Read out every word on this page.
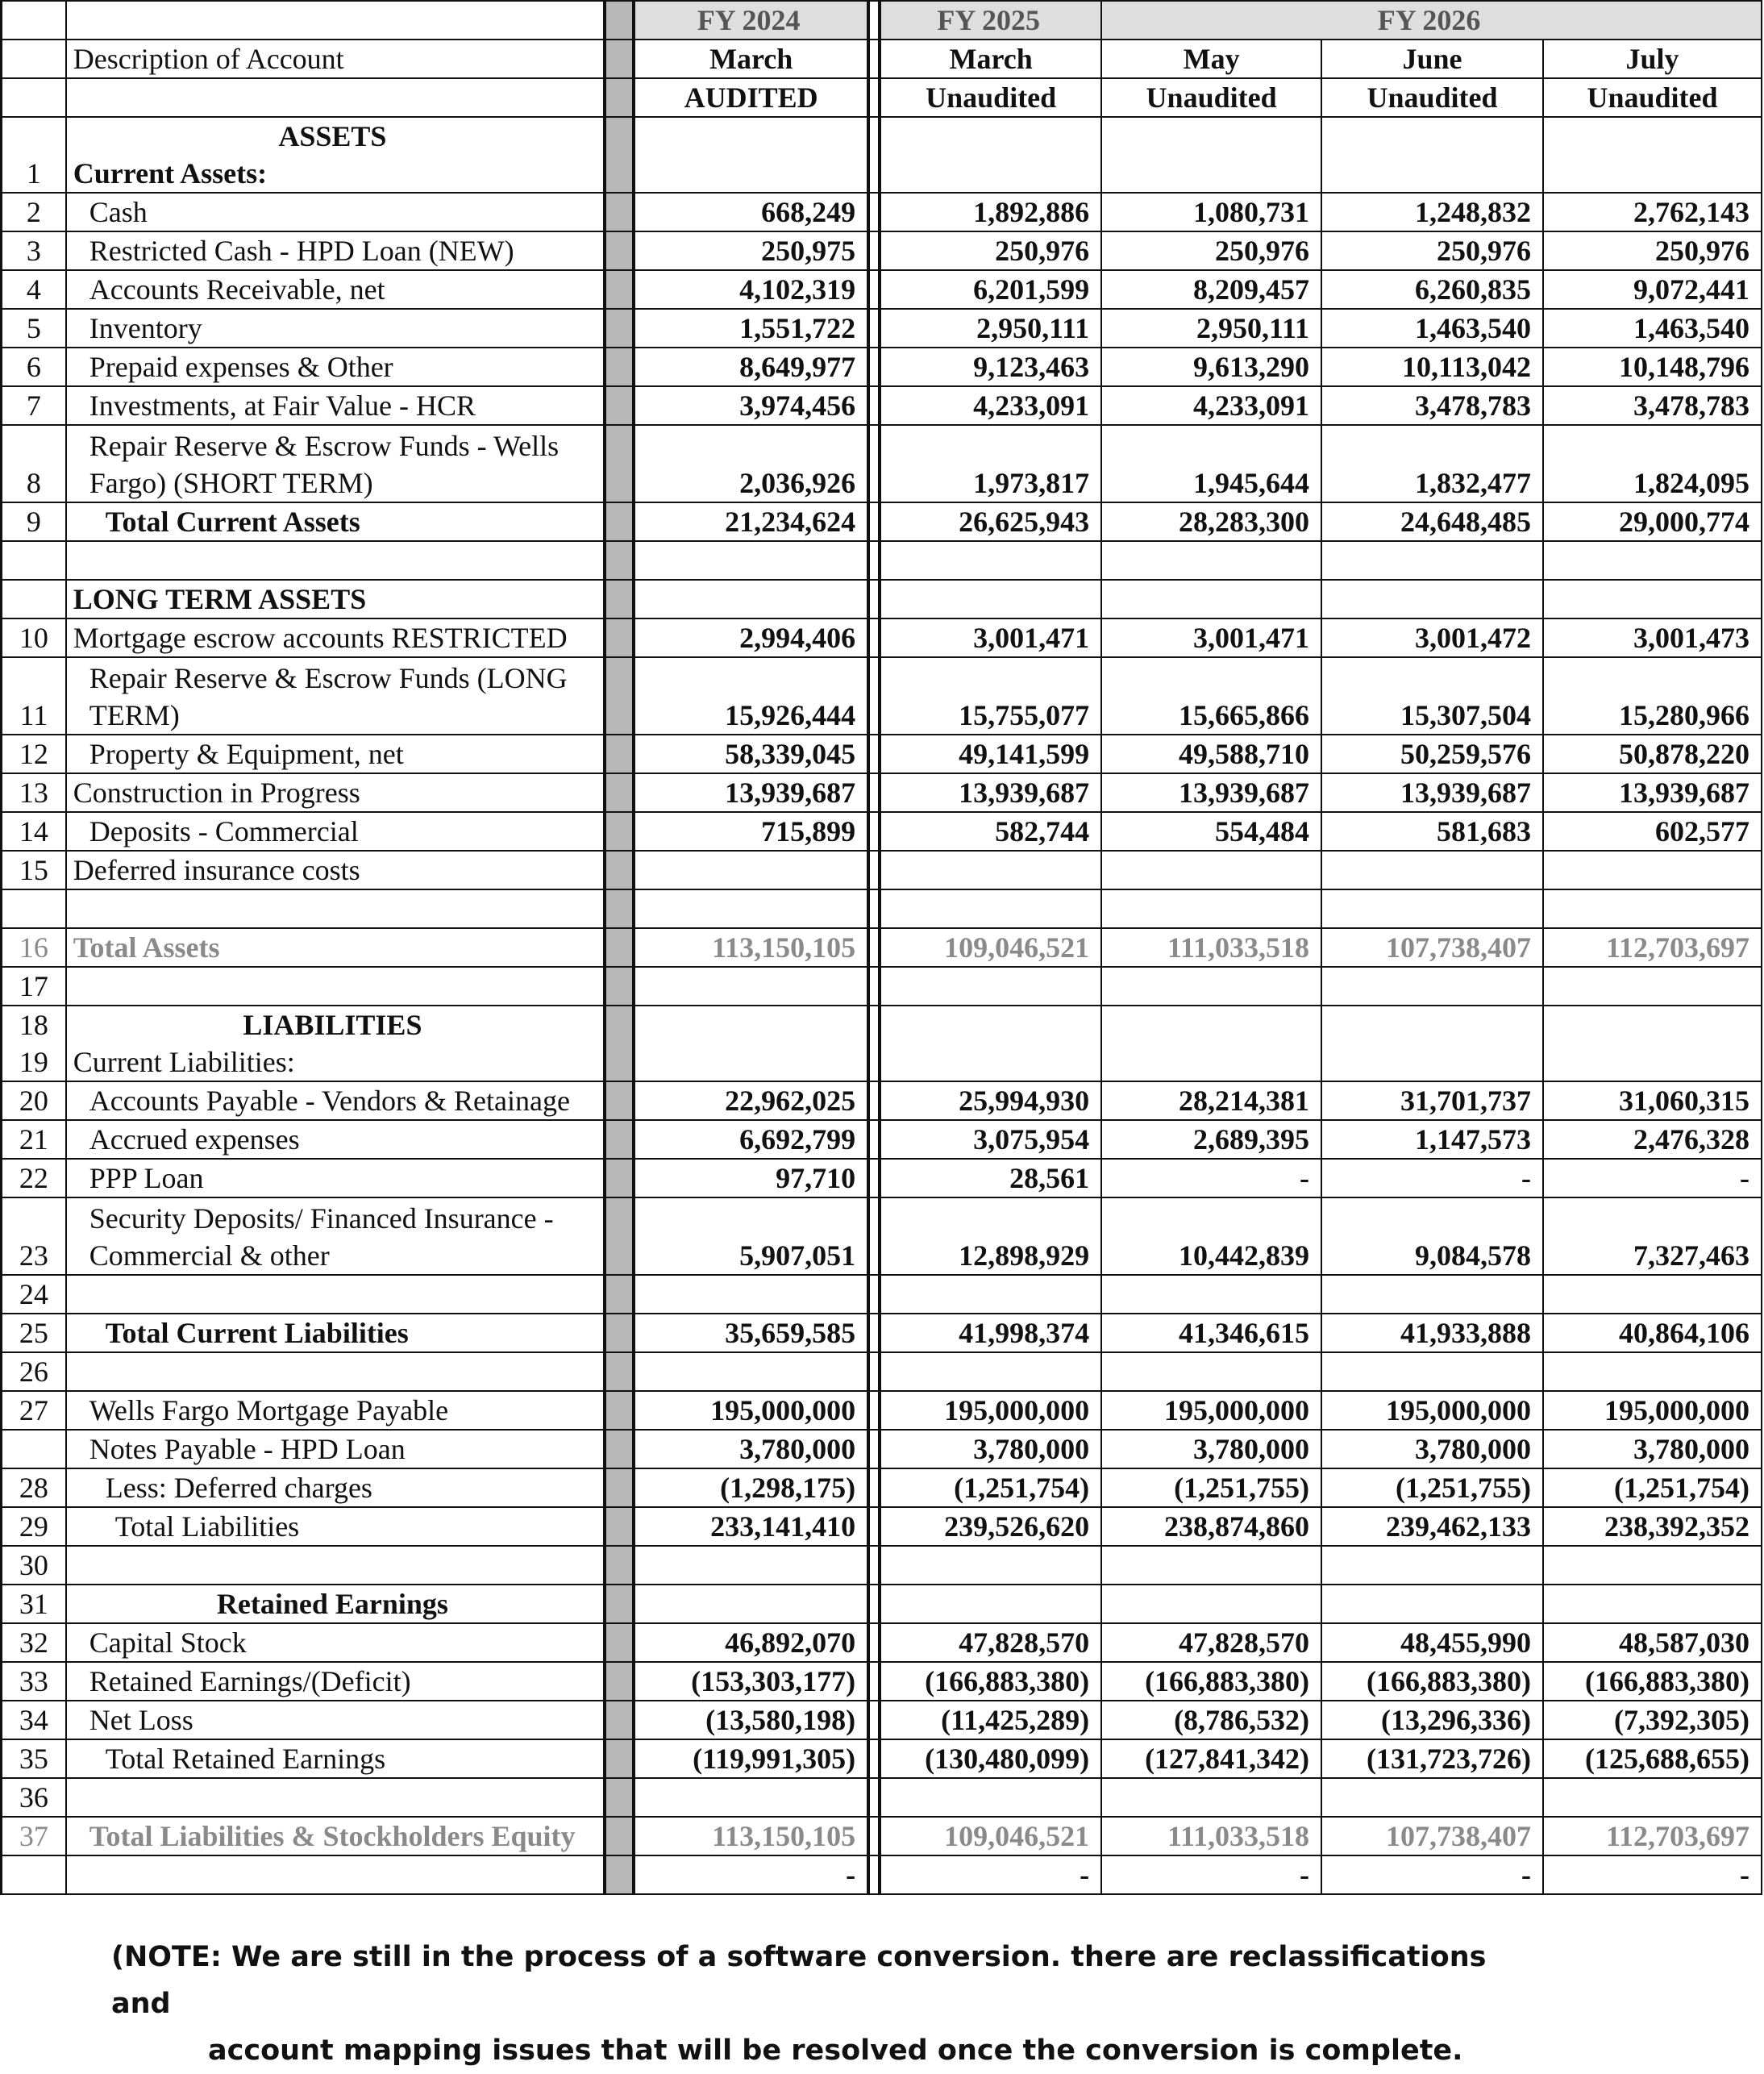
			FY 2024		FY 2025	FY 2026		
	Description of Account		March		March	May	June	July
			AUDITED		Unaudited	Unaudited	Unaudited	Unaudited
	ASSETS							
1	Current Assets:							
2	Cash		668,249		1,892,886	1,080,731	1,248,832	2,762,143
3	Restricted Cash - HPD Loan (NEW)		250,975		250,976	250,976	250,976	250,976
4	Accounts Receivable, net		4,102,319		6,201,599	8,209,457	6,260,835	9,072,441
5	Inventory		1,551,722		2,950,111	2,950,111	1,463,540	1,463,540
6	Prepaid expenses & Other		8,649,977		9,123,463	9,613,290	10,113,042	10,148,796
7	Investments, at Fair Value - HCR		3,974,456		4,233,091	4,233,091	3,478,783	3,478,783
8	Repair Reserve & Escrow Funds - Wells Fargo) (SHORT TERM)		2,036,926		1,973,817	1,945,644	1,832,477	1,824,095
9	Total Current Assets		21,234,624		26,625,943	28,283,300	24,648,485	29,000,774

	LONG TERM ASSETS							
10	Mortgage escrow accounts RESTRICTED		2,994,406		3,001,471	3,001,471	3,001,472	3,001,473
11	Repair Reserve & Escrow Funds (LONG TERM)		15,926,444		15,755,077	15,665,866	15,307,504	15,280,966
12	Property & Equipment, net		58,339,045		49,141,599	49,588,710	50,259,576	50,878,220
13	Construction in Progress		13,939,687		13,939,687	13,939,687	13,939,687	13,939,687
14	Deposits - Commercial		715,899		582,744	554,484	581,683	602,577
15	Deferred insurance costs							

16	Total Assets		113,150,105		109,046,521	111,033,518	107,738,407	112,703,697
17								
18	LIABILITIES							
19	Current Liabilities:							
20	Accounts Payable - Vendors & Retainage		22,962,025		25,994,930	28,214,381	31,701,737	31,060,315
21	Accrued expenses		6,692,799		3,075,954	2,689,395	1,147,573	2,476,328
22	PPP Loan		97,710		28,561	-	-	-
23	Security Deposits/ Financed Insurance - Commercial & other		5,907,051		12,898,929	10,442,839	9,084,578	7,327,463
24								
25	Total Current Liabilities		35,659,585		41,998,374	41,346,615	41,933,888	40,864,106
26								
27	Wells Fargo Mortgage Payable		195,000,000		195,000,000	195,000,000	195,000,000	195,000,000
	Notes Payable - HPD Loan		3,780,000		3,780,000	3,780,000	3,780,000	3,780,000
28	Less: Deferred charges		(1,298,175)		(1,251,754)	(1,251,755)	(1,251,755)	(1,251,754)
29	Total Liabilities		233,141,410		239,526,620	238,874,860	239,462,133	238,392,352
30								
31	Retained Earnings							
32	Capital Stock		46,892,070		47,828,570	47,828,570	48,455,990	48,587,030
33	Retained Earnings/(Deficit)		(153,303,177)		(166,883,380)	(166,883,380)	(166,883,380)	(166,883,380)
34	Net Loss		(13,580,198)		(11,425,289)	(8,786,532)	(13,296,336)	(7,392,305)
35	Total Retained Earnings		(119,991,305)		(130,480,099)	(127,841,342)	(131,723,726)	(125,688,655)
36								
37	Total Liabilities & Stockholders Equity		113,150,105		109,046,521	111,033,518	107,738,407	112,703,697
			-		-	-	-	-
(NOTE: We are still in the process of a software conversion. there are reclassifications and
account mapping issues that will be resolved once the conversion is complete.
